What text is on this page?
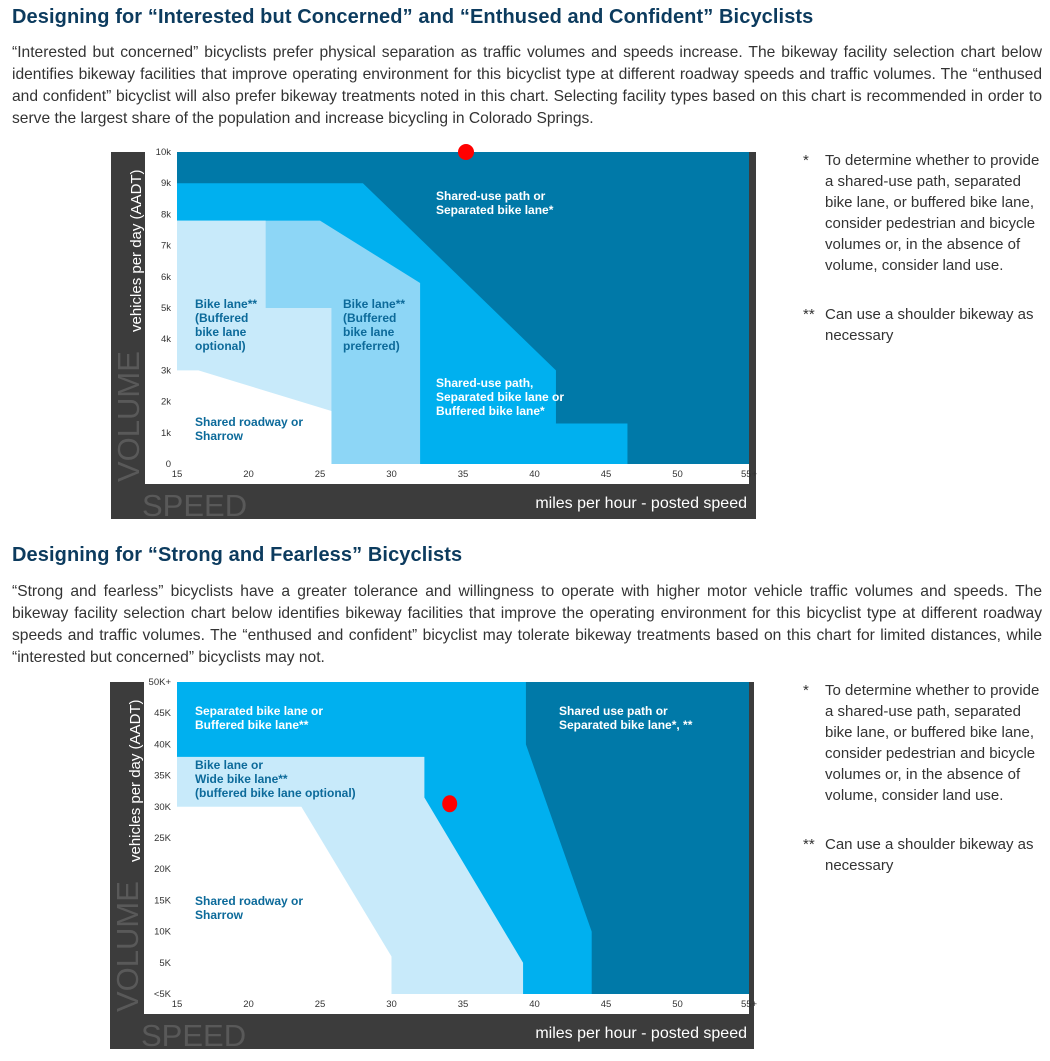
Designing for “Interested but Concerned” and “Enthused and Confident” Bicyclists

“Interested but concerned” bicyclists prefer physical separation as traffic volumes and speeds increase. The bikeway facility selection chart below identifies bikeway facilities that improve operating environment for this bicyclist type at different roadway speeds and traffic volumes. The “enthused and confident” bicyclist will also prefer bikeway treatments noted in this chart. Selecting facility types based on this chart is recommended in order to serve the largest share of the population and increase bicycling in Colorado Springs.

VOLUME
vehicles per day (AADT)
SPEED	miles per hour - posted speed
0
1k
2k
3k
4k
5k
6k
7k
8k
9k
10k
15	20	25	30	35	40	45	50	55+
Shared roadway or Sharrow
Bike lane** (Buffered bike lane optional)
Bike lane** (Buffered bike lane preferred)
Shared-use path, Separated bike lane or Buffered bike lane*
Shared-use path or Separated bike lane*
* To determine whether to provide a shared-use path, separated bike lane, or buffered bike lane, consider pedestrian and bicycle volumes or, in the absence of volume, consider land use.
** Can use a shoulder bikeway as necessary
Designing for “Strong and Fearless” Bicyclists

“Strong and fearless” bicyclists have a greater tolerance and willingness to operate with higher motor vehicle traffic volumes and speeds. The bikeway facility selection chart below identifies bikeway facilities that improve the operating environment for this bicyclist type at different roadway speeds and traffic volumes. The “enthused and confident” bicyclist may tolerate bikeway treatments based on this chart for limited distances, while “interested but concerned” bicyclists may not.

VOLUME
vehicles per day (AADT)
SPEED	miles per hour - posted speed
<5K
5K
10K
15K
20K
25K
30K
35K
40K
45K
50K+
15	20	25	30	35	40	45	50	55+
Separated bike lane or Buffered bike lane**
Bike lane or Wide bike lane** (buffered bike lane optional)
Shared roadway or Sharrow
Shared use path or Separated bike lane*, **
* To determine whether to provide a shared-use path, separated bike lane, or buffered bike lane, consider pedestrian and bicycle volumes or, in the absence of volume, consider land use.
** Can use a shoulder bikeway as necessary
